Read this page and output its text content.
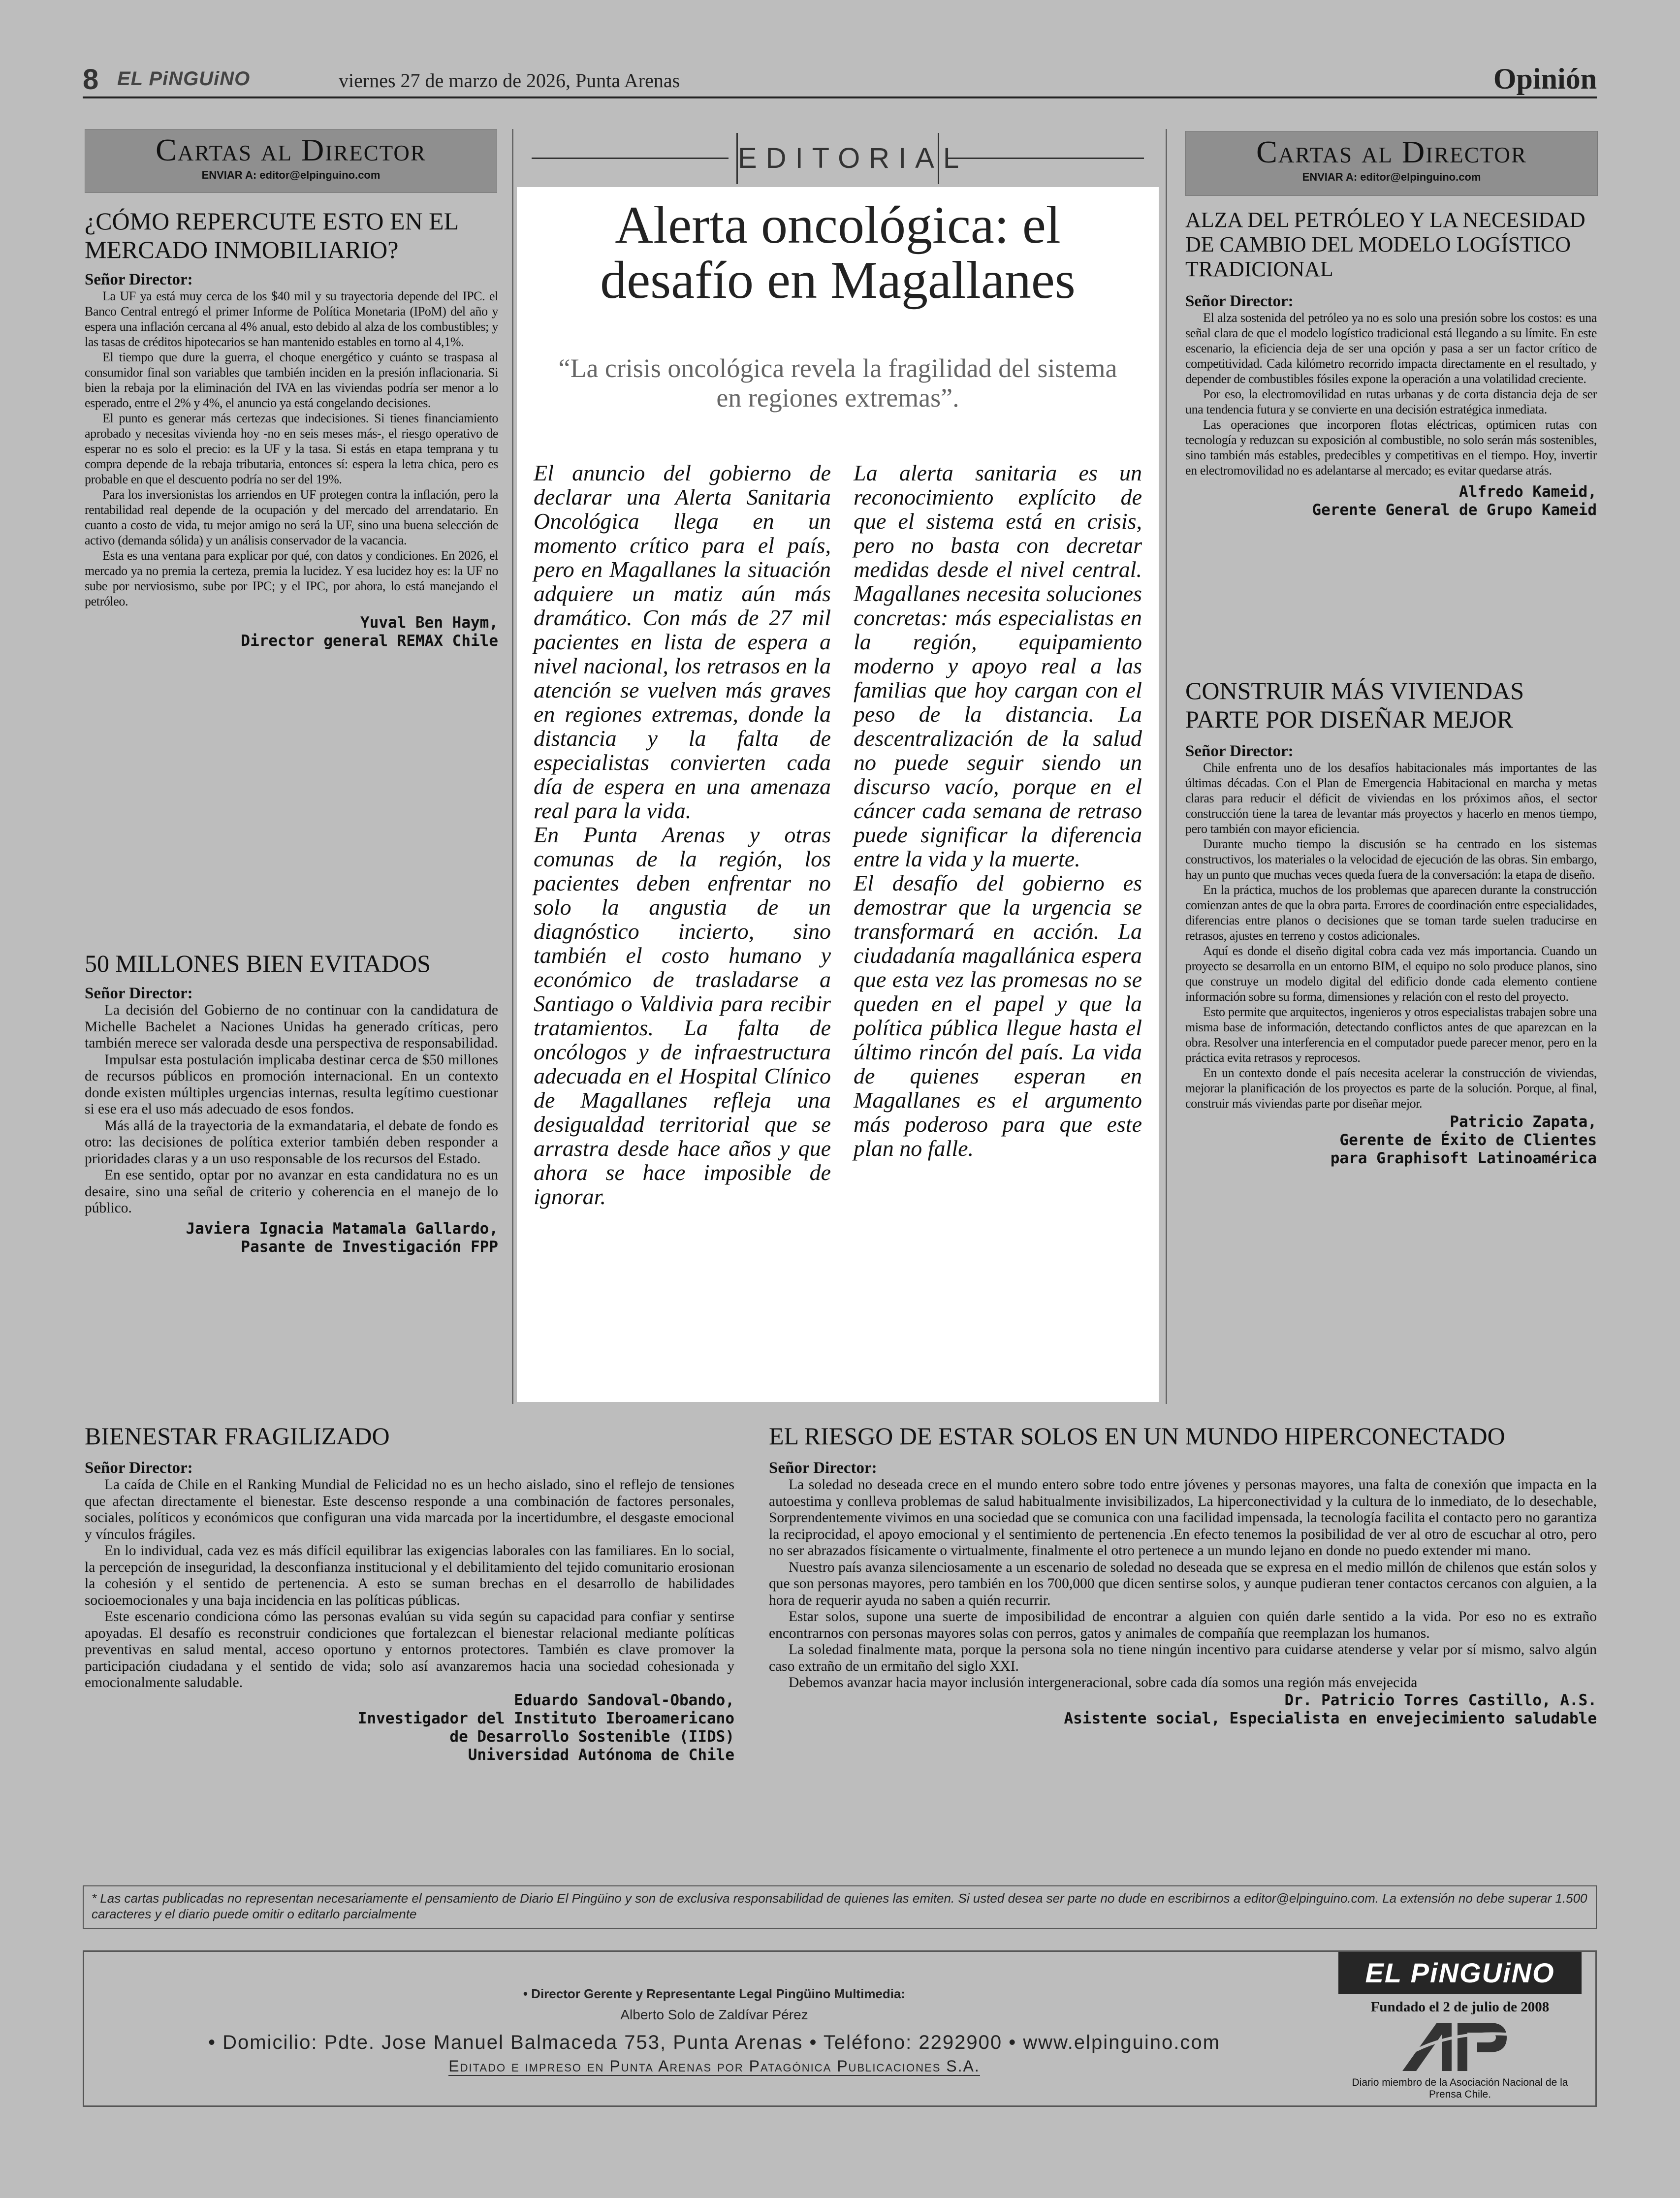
8 EL PiNGUiNO	viernes 27 de marzo de 2026, Punta Arenas	Opinión
Cartas al Director
ENVIAR A: editor@elpinguino.com
¿CÓMO REPERCUTE ESTO EN EL MERCADO INMOBILIARIO?
Señor Director:

La UF ya está muy cerca de los $40 mil y su trayectoria depende del IPC. el Banco Central entregó el primer Informe de Política Monetaria (IPoM) del año y espera una inflación cercana al 4% anual, esto debido al alza de los combustibles; y las tasas de créditos hipotecarios se han mantenido estables en torno al 4,1%.

El tiempo que dure la guerra, el choque energético y cuánto se traspasa al consumidor final son variables que también inciden en la presión inflacionaria. Si bien la rebaja por la eliminación del IVA en las viviendas podría ser menor a lo esperado, entre el 2% y 4%, el anuncio ya está congelando decisiones.

El punto es generar más certezas que indecisiones. Si tienes financiamiento aprobado y necesitas vivienda hoy -no en seis meses más-, el riesgo operativo de esperar no es solo el precio: es la UF y la tasa. Si estás en etapa temprana y tu compra depende de la rebaja tributaria, entonces sí: espera la letra chica, pero es probable en que el descuento podría no ser del 19%.

Para los inversionistas los arriendos en UF protegen contra la inflación, pero la rentabilidad real depende de la ocupación y del mercado del arrendatario. En cuanto a costo de vida, tu mejor amigo no será la UF, sino una buena selección de activo (demanda sólida) y un análisis conservador de la vacancia.

Esta es una ventana para explicar por qué, con datos y condiciones. En 2026, el mercado ya no premia la certeza, premia la lucidez. Y esa lucidez hoy es: la UF no sube por nerviosismo, sube por IPC; y el IPC, por ahora, lo está manejando el petróleo.

Yuval Ben Haym,
Director general REMAX Chile
50 MILLONES BIEN EVITADOS
Señor Director:

La decisión del Gobierno de no continuar con la candidatura de Michelle Bachelet a Naciones Unidas ha generado críticas, pero también merece ser valorada desde una perspectiva de responsabilidad.

Impulsar esta postulación implicaba destinar cerca de $50 millones de recursos públicos en promoción internacional. En un contexto donde existen múltiples urgencias internas, resulta legítimo cuestionar si ese era el uso más adecuado de esos fondos.

Más allá de la trayectoria de la exmandataria, el debate de fondo es otro: las decisiones de política exterior también deben responder a prioridades claras y a un uso responsable de los recursos del Estado.

En ese sentido, optar por no avanzar en esta candidatura no es un desaire, sino una señal de criterio y coherencia en el manejo de lo público.

Javiera Ignacia Matamala Gallardo,
Pasante de Investigación FPP
EDITORIAL
Alerta oncológica: el desafío en Magallanes
“La crisis oncológica revela la fragilidad del sistema en regiones extremas”.

El anuncio del gobierno de declarar una Alerta Sanitaria Oncológica llega en un momento crítico para el país, pero en Magallanes la situación adquiere un matiz aún más dramático. Con más de 27 mil pacientes en lista de espera a nivel nacional, los retrasos en la atención se vuelven más graves en regiones extremas, donde la distancia y la falta de especialistas convierten cada día de espera en una amenaza real para la vida.

En Punta Arenas y otras comunas de la región, los pacientes deben enfrentar no solo la angustia de un diagnóstico incierto, sino también el costo humano y económico de trasladarse a Santiago o Valdivia para recibir tratamientos. La falta de oncólogos y de infraestructura adecuada en el Hospital Clínico de Magallanes refleja una desigualdad territorial que se arrastra desde hace años y que ahora se hace imposible de ignorar.

La alerta sanitaria es un reconocimiento explícito de que el sistema está en crisis, pero no basta con decretar medidas desde el nivel central. Magallanes necesita soluciones concretas: más especialistas en la región, equipamiento moderno y apoyo real a las familias que hoy cargan con el peso de la distancia. La descentralización de la salud no puede seguir siendo un discurso vacío, porque en el cáncer cada semana de retraso puede significar la diferencia entre la vida y la muerte.

El desafío del gobierno es demostrar que la urgencia se transformará en acción. La ciudadanía magallánica espera que esta vez las promesas no se queden en el papel y que la política pública llegue hasta el último rincón del país. La vida de quienes esperan en Magallanes es el argumento más poderoso para que este plan no falle.

Cartas al Director
ENVIAR A: editor@elpinguino.com
ALZA DEL PETRÓLEO Y LA NECESIDAD DE CAMBIO DEL MODELO LOGÍSTICO TRADICIONAL
Señor Director:

El alza sostenida del petróleo ya no es solo una presión sobre los costos: es una señal clara de que el modelo logístico tradicional está llegando a su límite. En este escenario, la eficiencia deja de ser una opción y pasa a ser un factor crítico de competitividad. Cada kilómetro recorrido impacta directamente en el resultado, y depender de combustibles fósiles expone la operación a una volatilidad creciente.

Por eso, la electromovilidad en rutas urbanas y de corta distancia deja de ser una tendencia futura y se convierte en una decisión estratégica inmediata.

Las operaciones que incorporen flotas eléctricas, optimicen rutas con tecnología y reduzcan su exposición al combustible, no solo serán más sostenibles, sino también más estables, predecibles y competitivas en el tiempo. Hoy, invertir en electromovilidad no es adelantarse al mercado; es evitar quedarse atrás.

Alfredo Kameid,
Gerente General de Grupo Kameid
CONSTRUIR MÁS VIVIENDAS PARTE POR DISEÑAR MEJOR
Señor Director:

Chile enfrenta uno de los desafíos habitacionales más importantes de las últimas décadas. Con el Plan de Emergencia Habitacional en marcha y metas claras para reducir el déficit de viviendas en los próximos años, el sector construcción tiene la tarea de levantar más proyectos y hacerlo en menos tiempo, pero también con mayor eficiencia.

Durante mucho tiempo la discusión se ha centrado en los sistemas constructivos, los materiales o la velocidad de ejecución de las obras. Sin embargo, hay un punto que muchas veces queda fuera de la conversación: la etapa de diseño.

En la práctica, muchos de los problemas que aparecen durante la construcción comienzan antes de que la obra parta. Errores de coordinación entre especialidades, diferencias entre planos o decisiones que se toman tarde suelen traducirse en retrasos, ajustes en terreno y costos adicionales.

Aquí es donde el diseño digital cobra cada vez más importancia. Cuando un proyecto se desarrolla en un entorno BIM, el equipo no solo produce planos, sino que construye un modelo digital del edificio donde cada elemento contiene información sobre su forma, dimensiones y relación con el resto del proyecto.

Esto permite que arquitectos, ingenieros y otros especialistas trabajen sobre una misma base de información, detectando conflictos antes de que aparezcan en la obra. Resolver una interferencia en el computador puede parecer menor, pero en la práctica evita retrasos y reprocesos.

En un contexto donde el país necesita acelerar la construcción de viviendas, mejorar la planificación de los proyectos es parte de la solución. Porque, al final, construir más viviendas parte por diseñar mejor.

Patricio Zapata,
Gerente de Éxito de Clientes
para Graphisoft Latinoamérica
BIENESTAR FRAGILIZADO
Señor Director:

La caída de Chile en el Ranking Mundial de Felicidad no es un hecho aislado, sino el reflejo de tensiones que afectan directamente el bienestar. Este descenso responde a una combinación de factores personales, sociales, políticos y económicos que configuran una vida marcada por la incertidumbre, el desgaste emocional y vínculos frágiles.

En lo individual, cada vez es más difícil equilibrar las exigencias laborales con las familiares. En lo social, la percepción de inseguridad, la desconfianza institucional y el debilitamiento del tejido comunitario erosionan la cohesión y el sentido de pertenencia. A esto se suman brechas en el desarrollo de habilidades socioemocionales y una baja incidencia en las políticas públicas.

Este escenario condiciona cómo las personas evalúan su vida según su capacidad para confiar y sentirse apoyadas. El desafío es reconstruir condiciones que fortalezcan el bienestar relacional mediante políticas preventivas en salud mental, acceso oportuno y entornos protectores. También es clave promover la participación ciudadana y el sentido de vida; solo así avanzaremos hacia una sociedad cohesionada y emocionalmente saludable.

Eduardo Sandoval-Obando,
Investigador del Instituto Iberoamericano
de Desarrollo Sostenible (IIDS)
Universidad Autónoma de Chile
EL RIESGO DE ESTAR SOLOS EN UN MUNDO HIPERCONECTADO
Señor Director:

La soledad no deseada crece en el mundo entero sobre todo entre jóvenes y personas mayores, una falta de conexión que impacta en la autoestima y conlleva problemas de salud habitualmente invisibilizados, La hiperconectividad y la cultura de lo inmediato, de lo desechable, Sorprendentemente vivimos en una sociedad que se comunica con una facilidad impensada, la tecnología facilita el contacto pero no garantiza la reciprocidad, el apoyo emocional y el sentimiento de pertenencia .En efecto tenemos la posibilidad de ver al otro de escuchar al otro, pero no ser abrazados físicamente o virtualmente, finalmente el otro pertenece a un mundo lejano en donde no puedo extender mi mano.

Nuestro país avanza silenciosamente a un escenario de soledad no deseada que se expresa en el medio millón de chilenos que están solos y que son personas mayores, pero también en los 700,000 que dicen sentirse solos, y aunque pudieran tener contactos cercanos con alguien, a la hora de requerir ayuda no saben a quién recurrir.

Estar solos, supone una suerte de imposibilidad de encontrar a alguien con quién darle sentido a la vida. Por eso no es extraño encontrarnos con personas mayores solas con perros, gatos y animales de compañía que reemplazan los humanos.

La soledad finalmente mata, porque la persona sola no tiene ningún incentivo para cuidarse atenderse y velar por sí mismo, salvo algún caso extraño de un ermitaño del siglo XXI.

Debemos avanzar hacia mayor inclusión intergeneracional, sobre cada día somos una región más envejecida

Dr. Patricio Torres Castillo, A.S.
Asistente social, Especialista en envejecimiento saludable
* Las cartas publicadas no representan necesariamente el pensamiento de Diario El Pingüino y son de exclusiva responsabilidad de quienes las emiten. Si usted desea ser parte no dude en escribirnos a editor@elpinguino.com. La extensión no debe superar 1.500 caracteres y el diario puede omitir o editarlo parcialmente
• Director Gerente y Representante Legal Pingüino Multimedia:
Alberto Solo de Zaldívar Pérez
• Domicilio: Pdte. Jose Manuel Balmaceda 753, Punta Arenas • Teléfono: 2292900 • www.elpinguino.com
Editado e impreso en Punta Arenas por Patagónica Publicaciones S.A.
EL PiNGUiNO
Fundado el 2 de julio de 2008
Diario miembro de la Asociación Nacional de la Prensa Chile.
